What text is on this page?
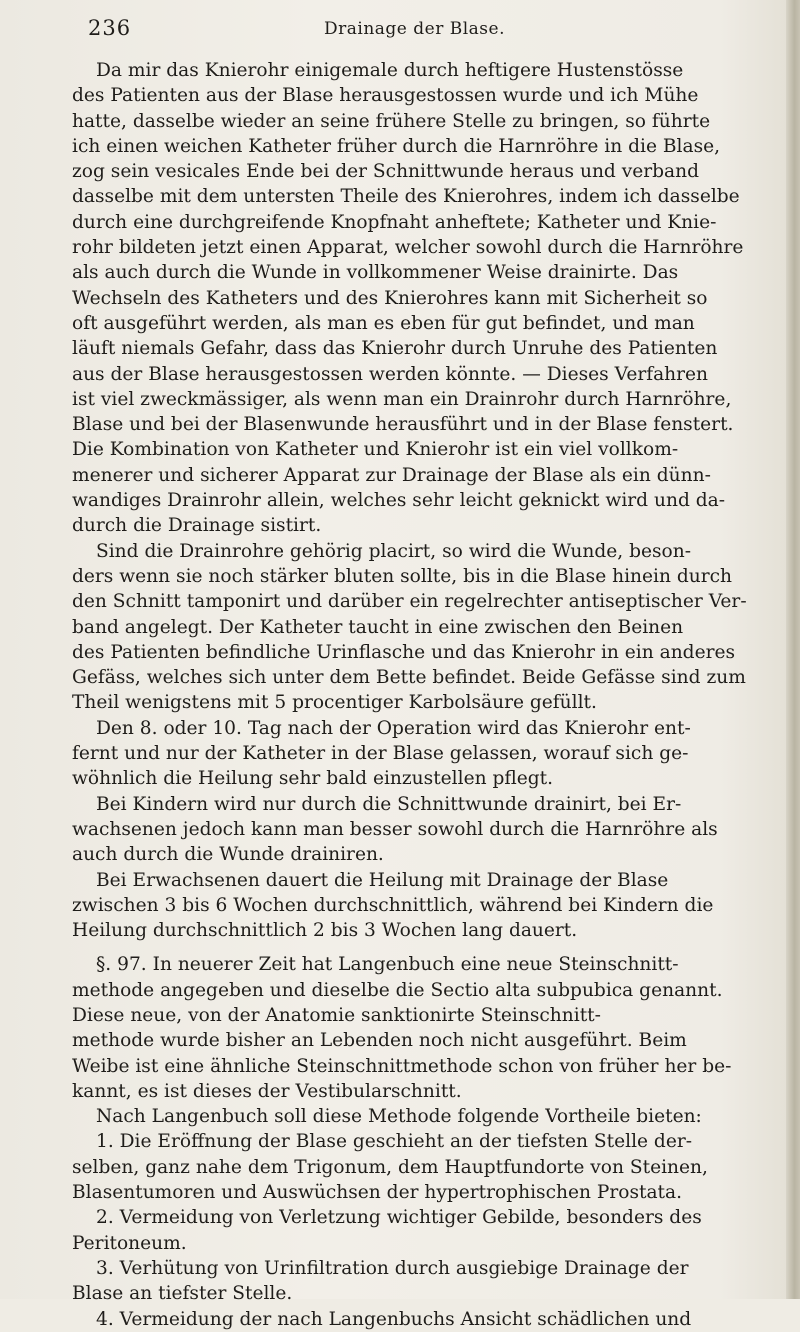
236	Drainage der Blase.
Da mir das Knierohr einigemale durch heftigere Hustenstösse
des Patienten aus der Blase herausgestossen wurde und ich Mühe
hatte, dasselbe wieder an seine frühere Stelle zu bringen, so führte
ich einen weichen Katheter früher durch die Harnröhre in die Blase,
zog sein vesicales Ende bei der Schnittwunde heraus und verband
dasselbe mit dem untersten Theile des Knierohres, indem ich dasselbe
durch eine durchgreifende Knopfnaht anheftete; Katheter und Knie-
rohr bildeten jetzt einen Apparat, welcher sowohl durch die Harnröhre
als auch durch die Wunde in vollkommener Weise drainirte. Das
Wechseln des Katheters und des Knierohres kann mit Sicherheit so
oft ausgeführt werden, als man es eben für gut befindet, und man
läuft niemals Gefahr, dass das Knierohr durch Unruhe des Patienten
aus der Blase herausgestossen werden könnte. — Dieses Verfahren
ist viel zweckmässiger, als wenn man ein Drainrohr durch Harnröhre,
Blase und bei der Blasenwunde herausführt und in der Blase fenstert.
Die Kombination von Katheter und Knierohr ist ein viel vollkom-
menerer und sicherer Apparat zur Drainage der Blase als ein dünn-
wandiges Drainrohr allein, welches sehr leicht geknickt wird und da-
durch die Drainage sistirt.
Sind die Drainrohre gehörig placirt, so wird die Wunde, beson-
ders wenn sie noch stärker bluten sollte, bis in die Blase hinein durch
den Schnitt tamponirt und darüber ein regelrechter antiseptischer Ver-
band angelegt. Der Katheter taucht in eine zwischen den Beinen
des Patienten befindliche Urinflasche und das Knierohr in ein anderes
Gefäss, welches sich unter dem Bette befindet. Beide Gefässe sind zum
Theil wenigstens mit 5 procentiger Karbolsäure gefüllt.
Den 8. oder 10. Tag nach der Operation wird das Knierohr ent-
fernt und nur der Katheter in der Blase gelassen, worauf sich ge-
wöhnlich die Heilung sehr bald einzustellen pflegt.
Bei Kindern wird nur durch die Schnittwunde drainirt, bei Er-
wachsenen jedoch kann man besser sowohl durch die Harnröhre als
auch durch die Wunde drainiren.
Bei Erwachsenen dauert die Heilung mit Drainage der Blase
zwischen 3 bis 6 Wochen durchschnittlich, während bei Kindern die
Heilung durchschnittlich 2 bis 3 Wochen lang dauert.
§. 97. In neuerer Zeit hat Langenbuch eine neue Steinschnitt-
methode angegeben und dieselbe die Sectio alta subpubica genannt.
Diese neue, von der Anatomie sanktionirte Steinschnitt-
methode wurde bisher an Lebenden noch nicht ausgeführt. Beim
Weibe ist eine ähnliche Steinschnittmethode schon von früher her be-
kannt, es ist dieses der Vestibularschnitt.
Nach Langenbuch soll diese Methode folgende Vortheile bieten:
1. Die Eröffnung der Blase geschieht an der tiefsten Stelle der-
selben, ganz nahe dem Trigonum, dem Hauptfundorte von Steinen,
Blasentumoren und Auswüchsen der hypertrophischen Prostata.
2. Vermeidung von Verletzung wichtiger Gebilde, besonders des
Peritoneum.
3. Verhütung von Urinfiltration durch ausgiebige Drainage der
Blase an tiefster Stelle.
4. Vermeidung der nach Langenbuchs Ansicht schädlichen und
